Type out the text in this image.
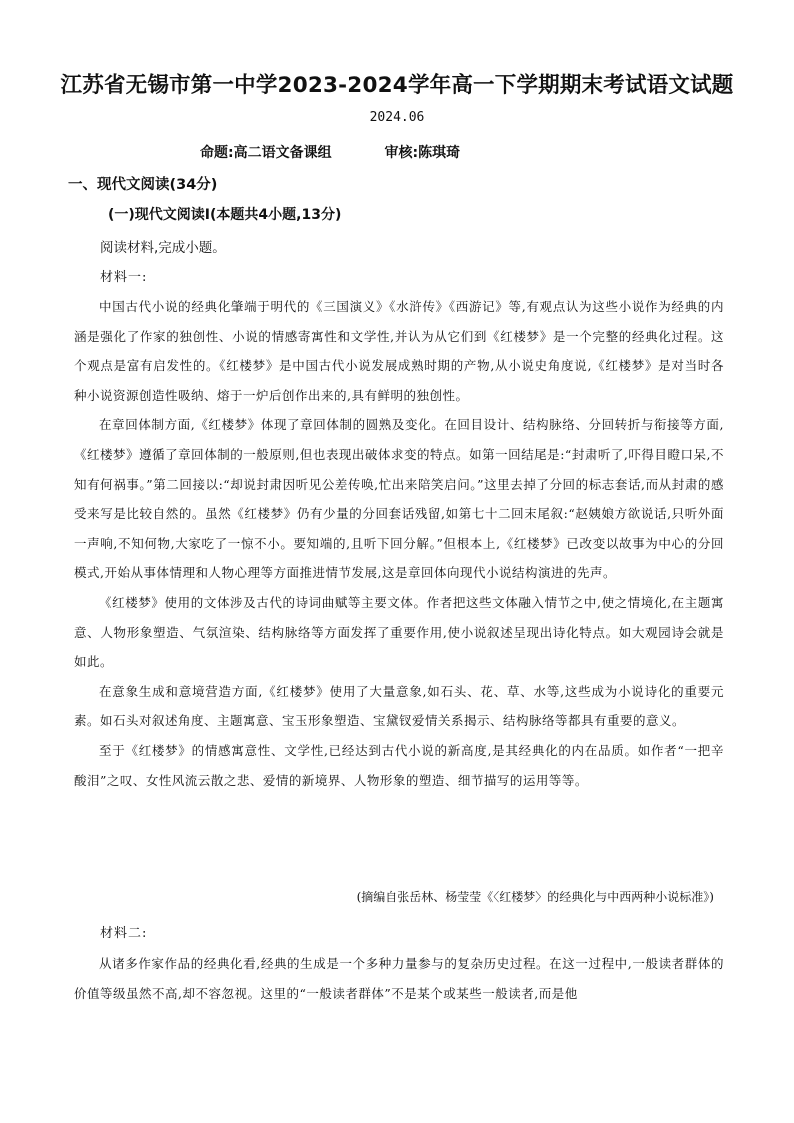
江苏省无锡市第一中学2023-2024学年高一下学期期末考试语文试题
2024.06
命题:高二语文备课组	审核:陈琪琦
一、现代文阅读(34分)
(一)现代文阅读I(本题共4小题,13分)
阅读材料,完成小题。
材料一:

中国古代小说的经典化肇端于明代的《三国演义》《水浒传》《西游记》等,有观点认为这些小说作为经典的内涵是强化了作家的独创性、小说的情感寄寓性和文学性,并认为从它们到《红楼梦》是一个完整的经典化过程。这个观点是富有启发性的。《红楼梦》是中国古代小说发展成熟时期的产物,从小说史角度说,《红楼梦》是对当时各种小说资源创造性吸纳、熔于一炉后创作出来的,具有鲜明的独创性。

在章回体制方面,《红楼梦》体现了章回体制的圆熟及变化。在回目设计、结构脉络、分回转折与衔接等方面,《红楼梦》遵循了章回体制的一般原则,但也表现出破体求变的特点。如第一回结尾是:“封肃听了,吓得目瞪口呆,不知有何祸事。”第二回接以:“却说封肃因听见公差传唤,忙出来陪笑启问。”这里去掉了分回的标志套话,而从封肃的感受来写是比较自然的。虽然《红楼梦》仍有少量的分回套话残留,如第七十二回末尾叙:“赵姨娘方欲说话,只听外面一声响,不知何物,大家吃了一惊不小。要知端的,且听下回分解。”但根本上,《红楼梦》已改变以故事为中心的分回模式,开始从事体情理和人物心理等方面推进情节发展,这是章回体向现代小说结构演进的先声。

《红楼梦》使用的文体涉及古代的诗词曲赋等主要文体。作者把这些文体融入情节之中,使之情境化,在主题寓意、人物形象塑造、气氛渲染、结构脉络等方面发挥了重要作用,使小说叙述呈现出诗化特点。如大观园诗会就是如此。

在意象生成和意境营造方面,《红楼梦》使用了大量意象,如石头、花、草、水等,这些成为小说诗化的重要元素。如石头对叙述角度、主题寓意、宝玉形象塑造、宝黛钗爱情关系揭示、结构脉络等都具有重要的意义。

至于《红楼梦》的情感寓意性、文学性,已经达到古代小说的新高度,是其经典化的内在品质。如作者“一把辛酸泪”之叹、女性风流云散之悲、爱情的新境界、人物形象的塑造、细节描写的运用等等。

(摘编自张岳林、杨莹莹《〈红楼梦〉的经典化与中西两种小说标准》)
材料二:

从诸多作家作品的经典化看,经典的生成是一个多种力量参与的复杂历史过程。在这一过程中,一般读者群体的价值等级虽然不高,却不容忽视。这里的“一般读者群体”不是某个或某些一般读者,而是他
